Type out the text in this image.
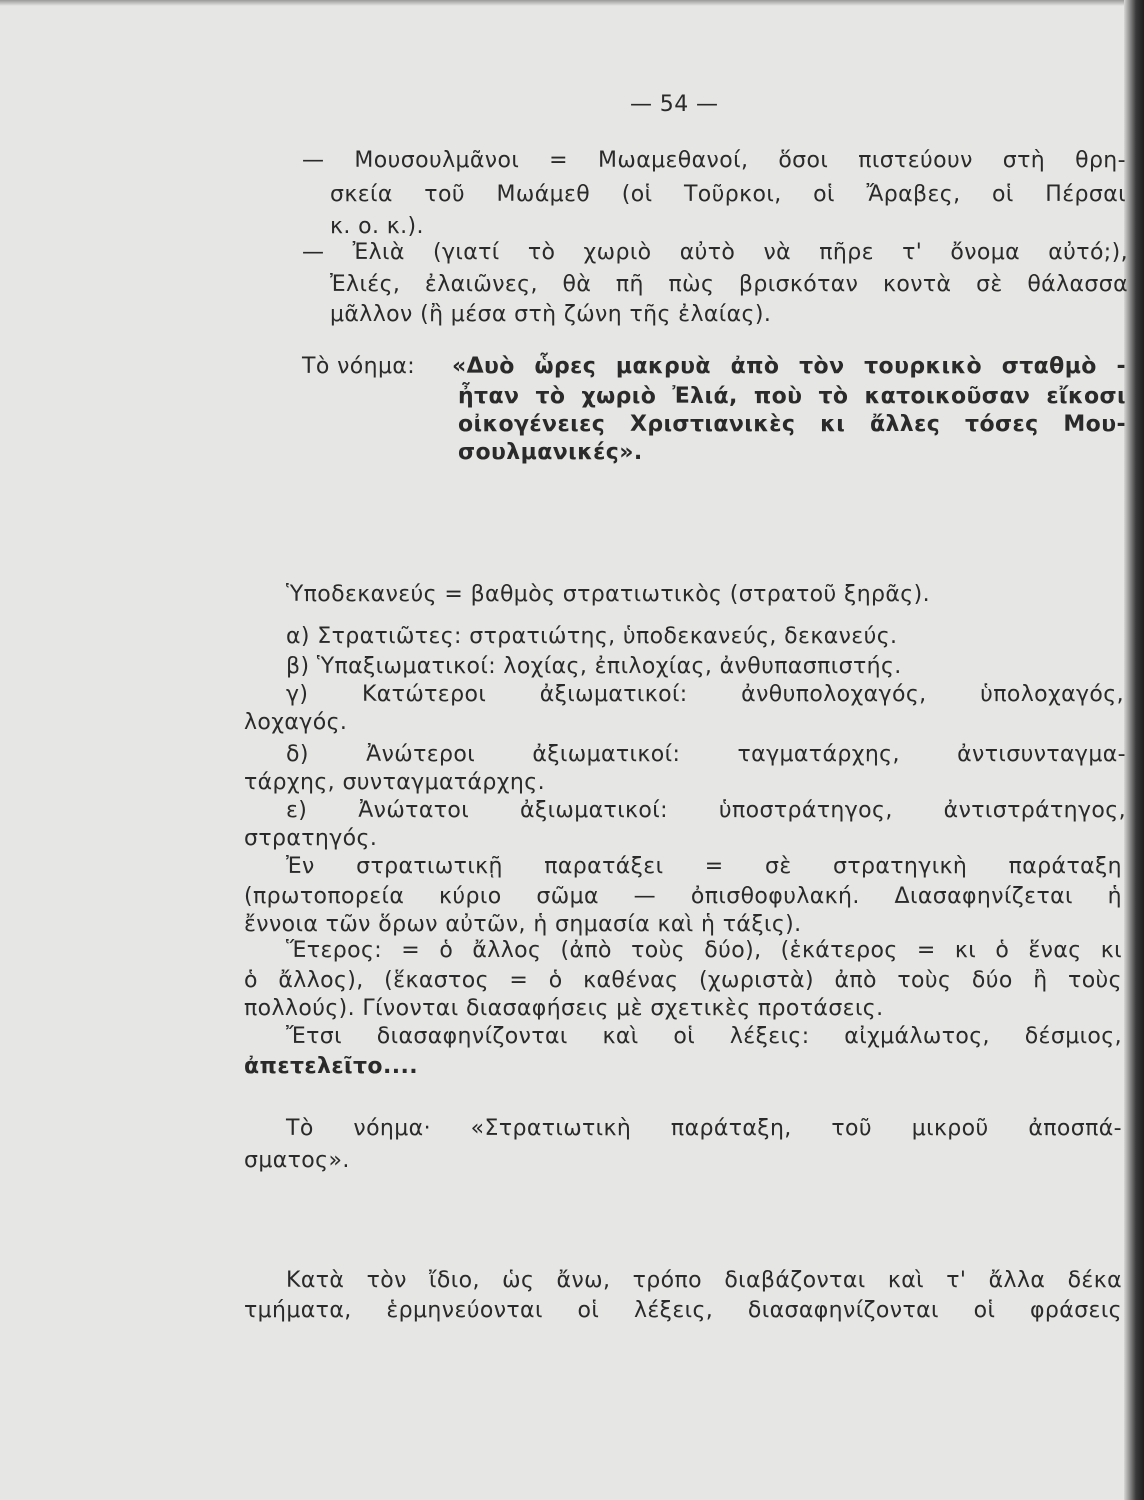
— 54 —
— Μουσουλμᾶνοι = Μωαμεθανοί, ὅσοι πιστεύουν στὴ θρη-
σκεία τοῦ Μωάμεθ (οἱ Τοῦρκοι, οἱ Ἄραβες, οἱ Πέρσαι
κ. ο. κ.).
— Ἐλιὰ (γιατί τὸ χωριὸ αὐτὸ νὰ πῆρε τ' ὄνομα αὐτό;),
Ἐλιές, ἐλαιῶνες, θὰ πῆ πὼς βρισκόταν κοντὰ σὲ θάλασσα
μᾶλλον (ἢ μέσα στὴ ζώνη τῆς ἐλαίας).
Τὸ νόημα: «Δυὸ ὧρες μακρυὰ ἀπὸ τὸν τουρκικὸ σταθμὸ -
ἦταν τὸ χωριὸ Ἐλιά, ποὺ τὸ κατοικοῦσαν εἴκοσι
οἰκογένειες Χριστιανικὲς κι ἄλλες τόσες Μου-
σουλμανικές».
Ὑποδεκανεύς = βαθμὸς στρατιωτικὸς (στρατοῦ ξηρᾶς).
α) Στρατιῶτες: στρατιώτης, ὑποδεκανεύς, δεκανεύς.
β) Ὑπαξιωματικοί: λοχίας, ἐπιλοχίας, ἀνθυπασπιστής.
γ) Κατώτεροι ἀξιωματικοί: ἀνθυπολοχαγός, ὑπολοχαγός,
λοχαγός.
δ) Ἀνώτεροι ἀξιωματικοί: ταγματάρχης, ἀντισυνταγμα-
τάρχης, συνταγματάρχης.
ε) Ἀνώτατοι ἀξιωματικοί: ὑποστράτηγος, ἀντιστράτηγος,
στρατηγός.
Ἐν στρατιωτικῇ παρατάξει = σὲ στρατηγικὴ παράταξη
(πρωτοπορεία κύριο σῶμα — ὀπισθοφυλακή. Διασαφηνίζεται ἡ
ἔννοια τῶν ὅρων αὐτῶν, ἡ σημασία καὶ ἡ τάξις).
Ἕτερος: = ὁ ἄλλος (ἀπὸ τοὺς δύο), (ἑκάτερος = κι ὁ ἕνας κι
ὁ ἄλλος), (ἕκαστος = ὁ καθένας (χωριστὰ) ἀπὸ τοὺς δύο ἢ τοὺς
πολλούς). Γίνονται διασαφήσεις μὲ σχετικὲς προτάσεις.
Ἔτσι διασαφηνίζονται καὶ οἱ λέξεις: αἰχμάλωτος, δέσμιος,
ἀπετελεῖτο....
Τὸ νόημα· «Στρατιωτικὴ παράταξη, τοῦ μικροῦ ἀποσπά-
σματος».
Κατὰ τὸν ἴδιο, ὡς ἄνω, τρόπο διαβάζονται καὶ τ' ἄλλα δέκα
τμήματα, ἑρμηνεύονται οἱ λέξεις, διασαφηνίζονται οἱ φράσεις
